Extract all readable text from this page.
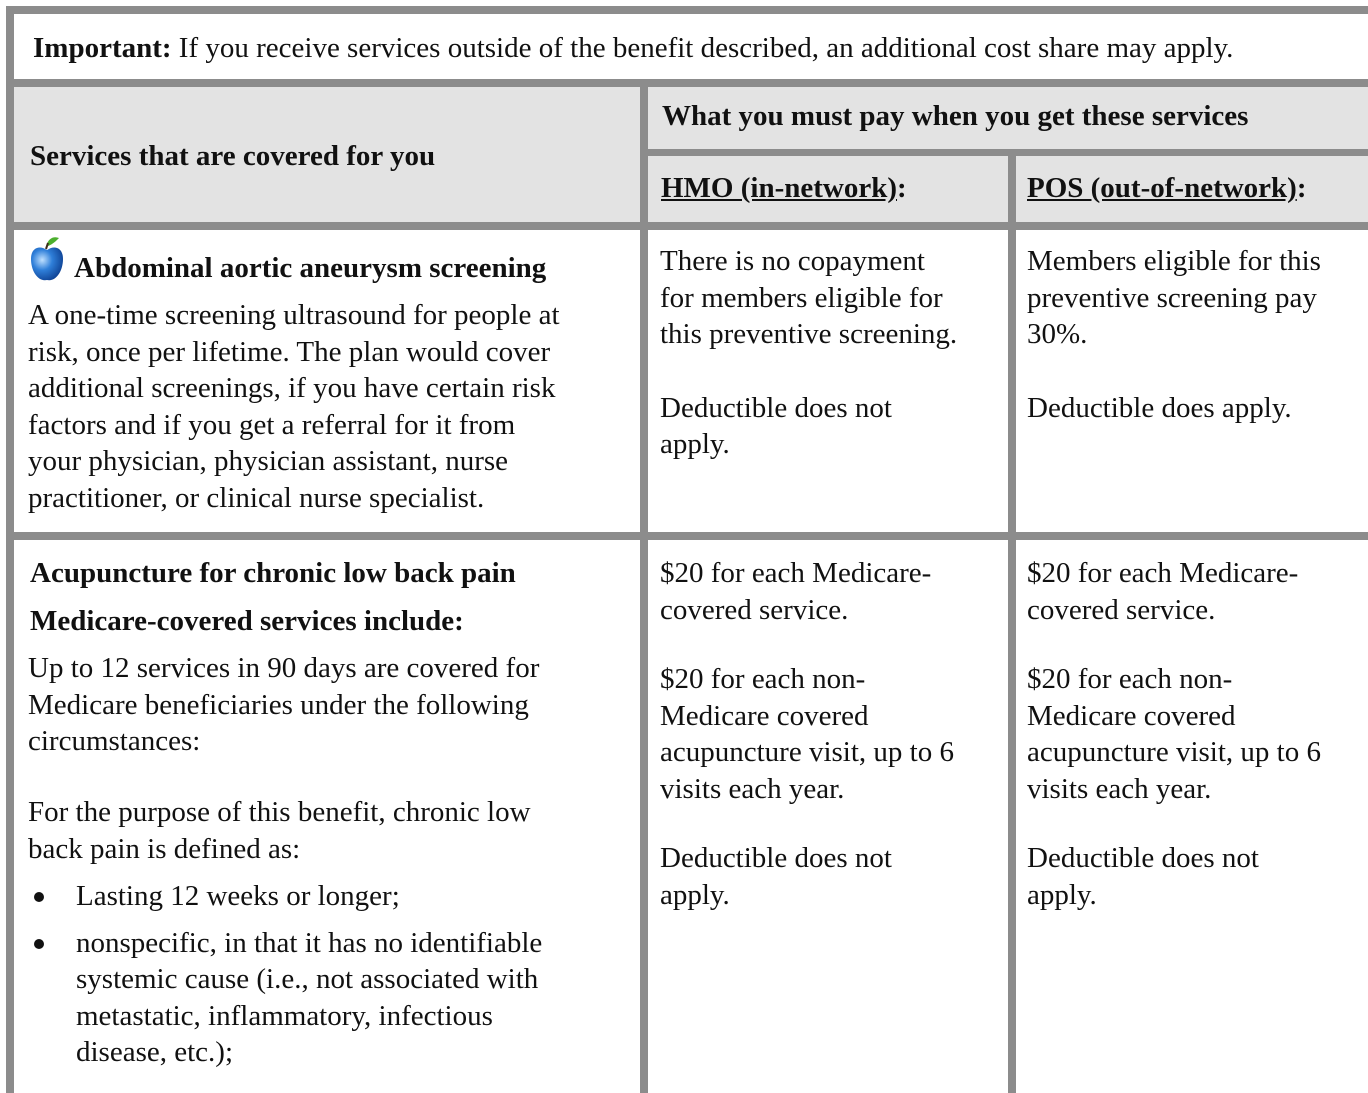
Important: If you receive services outside of the benefit described, an additional cost share may apply.
Services that are covered for you
What you must pay when you get these services
HMO (in-network):	POS (out-of-network):
Abdominal aortic aneurysm screening
A one-time screening ultrasound for people at
risk, once per lifetime. The plan would cover
additional screenings, if you have certain risk
factors and if you get a referral for it from
your physician, physician assistant, nurse
practitioner, or clinical nurse specialist.
There is no copayment
for members eligible for
this preventive screening.
Deductible does not
apply.
Members eligible for this
preventive screening pay
30%.
Deductible does apply.
Acupuncture for chronic low back pain
Medicare-covered services include:
Up to 12 services in 90 days are covered for
Medicare beneficiaries under the following
circumstances:
For the purpose of this benefit, chronic low
back pain is defined as:
Lasting 12 weeks or longer;
nonspecific, in that it has no identifiable
systemic cause (i.e., not associated with
metastatic, inflammatory, infectious
disease, etc.);
$20 for each Medicare-
covered service.
$20 for each non-
Medicare covered
acupuncture visit, up to 6
visits each year.
Deductible does not
apply.
$20 for each Medicare-
covered service.
$20 for each non-
Medicare covered
acupuncture visit, up to 6
visits each year.
Deductible does not
apply.
